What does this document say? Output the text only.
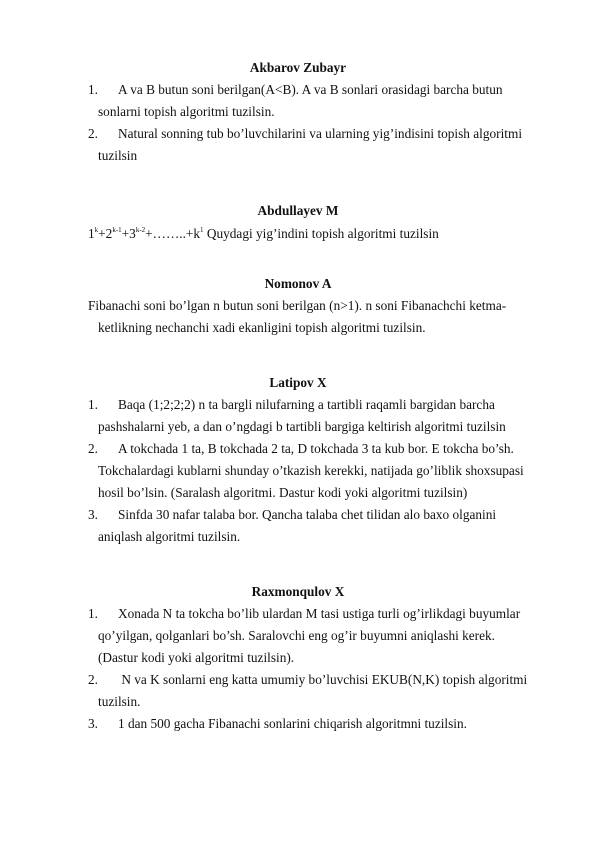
Akbarov Zubayr
1. A va B butun soni berilgan(A<B). A va B sonlari orasidagi barcha butun
sonlarni topish algoritmi tuzilsin.
2. Natural sonning tub bo’luvchilarini va ularning yig’indisini topish algoritmi
tuzilsin
Abdullayev M
$1^k+2^{k-1}+3^{k-2}+\dots\dots..+k^1$ Quydagi yig’indini topish algoritmi tuzilsin
Nomonov A
Fibanachi soni bo’lgan n butun soni berilgan (n>1). n soni Fibanachchi ketma-
ketlikning nechanchi xadi ekanligini topish algoritmi tuzilsin.
Latipov X
1. Baqa (1;2;2;2) n ta bargli nilufarning a tartibli raqamli bargidan barcha
pashshalarni yeb, a dan o’ngdagi b tartibli bargiga keltirish algoritmi tuzilsin
2. A tokchada 1 ta, B tokchada 2 ta, D tokchada 3 ta kub bor. E tokcha bo’sh.
Tokchalardagi kublarni shunday o’tkazish kerekki, natijada go’liblik shoxsupasi
hosil bo’lsin. (Saralash algoritmi. Dastur kodi yoki algoritmi tuzilsin)
3. Sinfda 30 nafar talaba bor. Qancha talaba chet tilidan alo baxo olganini
aniqlash algoritmi tuzilsin.
Raxmonqulov X
1. Xonada N ta tokcha bo’lib ulardan M tasi ustiga turli og’irlikdagi buyumlar
qo’yilgan, qolganlari bo’sh. Saralovchi eng og’ir buyumni aniqlashi kerek.
(Dastur kodi yoki algoritmi tuzilsin).
2. N va K sonlarni eng katta umumiy bo’luvchisi EKUB(N,K) topish algoritmi
tuzilsin.
3. 1 dan 500 gacha Fibanachi sonlarini chiqarish algoritmni tuzilsin.
